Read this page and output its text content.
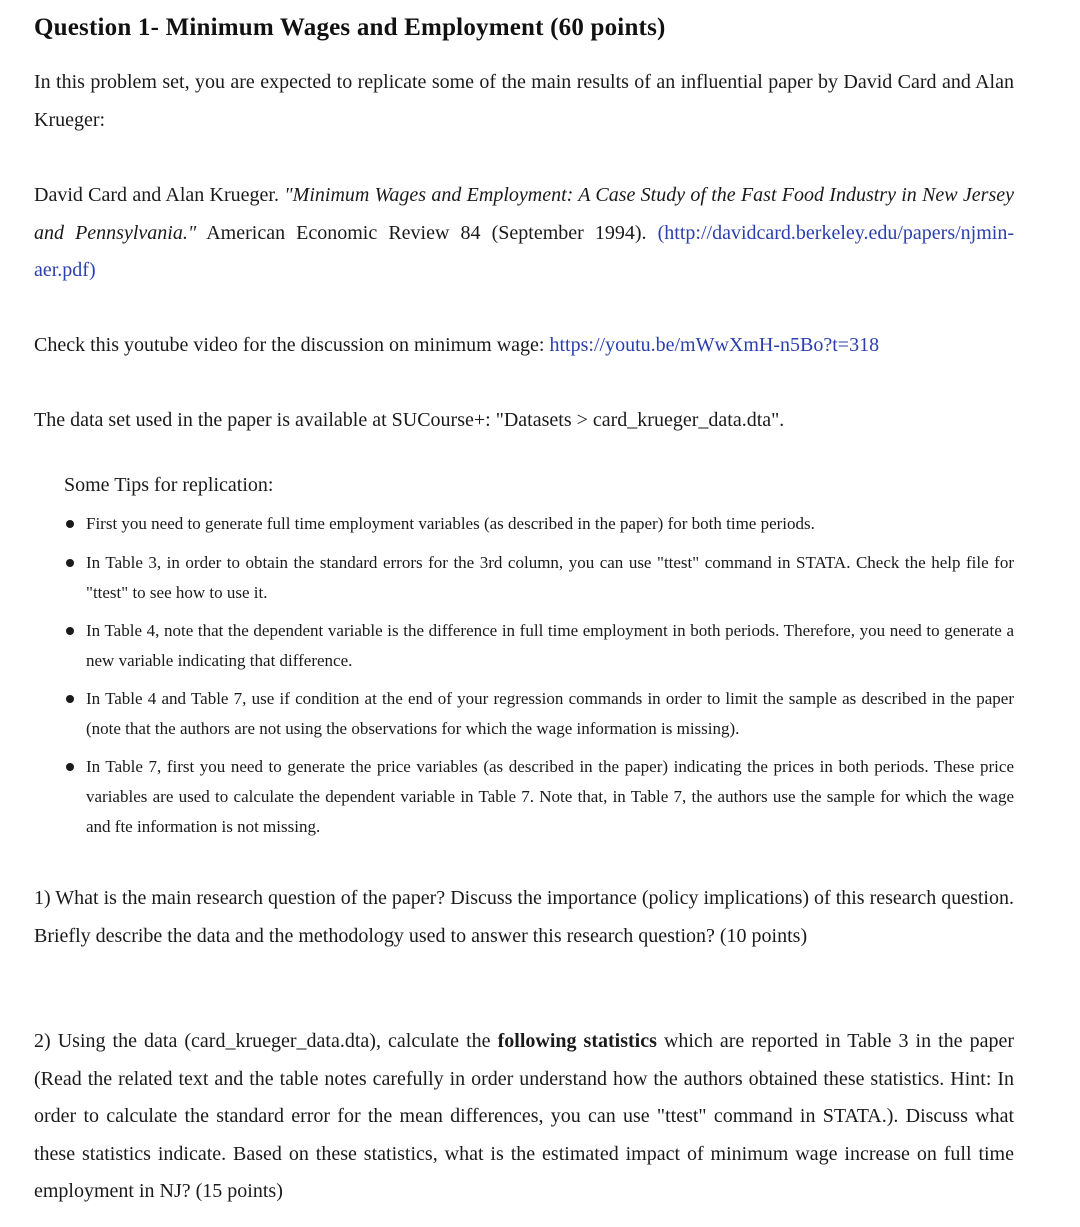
Question 1- Minimum Wages and Employment (60 points)

In this problem set, you are expected to replicate some of the main results of an influential paper by David Card and Alan Krueger:

David Card and Alan Krueger. "Minimum Wages and Employment: A Case Study of the Fast Food Industry in New Jersey and Pennsylvania." American Economic Review 84 (September 1994). (http://davidcard.berkeley.edu/papers/njmin-aer.pdf)

Check this youtube video for the discussion on minimum wage: https://youtu.be/mWwXmH-n5Bo?t=318

The data set used in the paper is available at SUCourse+: "Datasets > card_krueger_data.dta".

Some Tips for replication:
First you need to generate full time employment variables (as described in the paper) for both time periods.
In Table 3, in order to obtain the standard errors for the 3rd column, you can use "ttest" command in STATA. Check the help file for "ttest" to see how to use it.
In Table 4, note that the dependent variable is the difference in full time employment in both periods. Therefore, you need to generate a new variable indicating that difference.
In Table 4 and Table 7, use if condition at the end of your regression commands in order to limit the sample as described in the paper (note that the authors are not using the observations for which the wage information is missing).
In Table 7, first you need to generate the price variables (as described in the paper) indicating the prices in both periods. These price variables are used to calculate the dependent variable in Table 7. Note that, in Table 7, the authors use the sample for which the wage and fte information is not missing.

1) What is the main research question of the paper? Discuss the importance (policy implications) of this research question. Briefly describe the data and the methodology used to answer this research question? (10 points)

2) Using the data (card_krueger_data.dta), calculate the following statistics which are reported in Table 3 in the paper (Read the related text and the table notes carefully in order understand how the authors obtained these statistics. Hint: In order to calculate the standard error for the mean differences, you can use "ttest" command in STATA.). Discuss what these statistics indicate. Based on these statistics, what is the estimated impact of minimum wage increase on full time employment in NJ? (15 points)
